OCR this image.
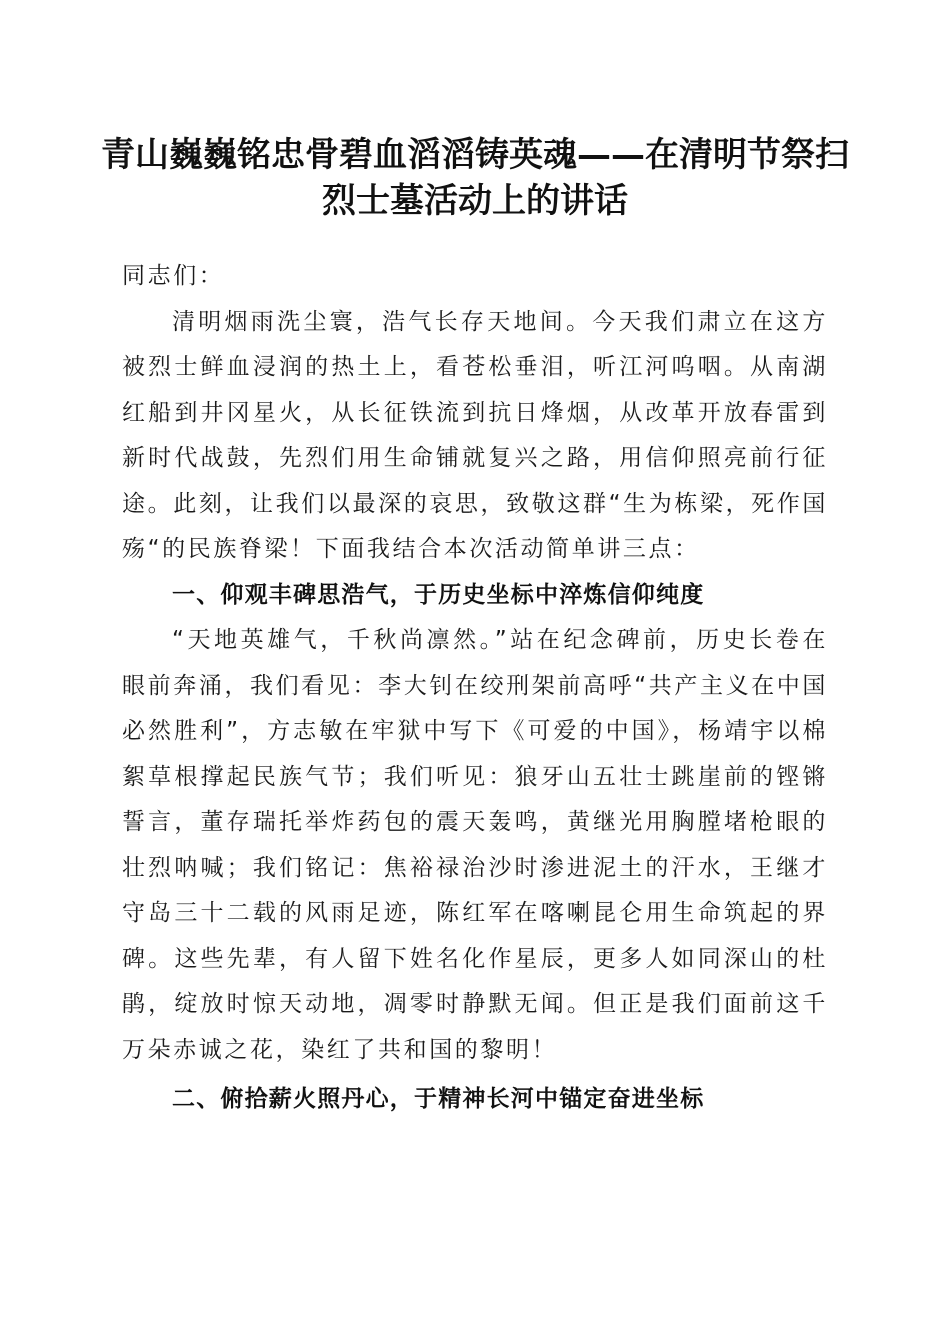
青山巍巍铭忠骨碧血滔滔铸英魂——在清明节祭扫烈士墓活动上的讲话

同志们：

清明烟雨洗尘寰，浩气长存天地间。今天我们肃立在这方被烈士鲜血浸润的热土上，看苍松垂泪，听江河呜咽。从南湖红船到井冈星火，从长征铁流到抗日烽烟，从改革开放春雷到新时代战鼓，先烈们用生命铺就复兴之路，用信仰照亮前行征途。此刻，让我们以最深的哀思，致敬这群“生为栋梁，死作国殇“的民族脊梁！下面我结合本次活动简单讲三点：

一、仰观丰碑思浩气，于历史坐标中淬炼信仰纯度

“天地英雄气，千秋尚凛然。”站在纪念碑前，历史长卷在眼前奔涌，我们看见：李大钊在绞刑架前高呼“共产主义在中国必然胜利”，方志敏在牢狱中写下《可爱的中国》，杨靖宇以棉絮草根撑起民族气节；我们听见：狼牙山五壮士跳崖前的铿锵誓言，董存瑞托举炸药包的震天轰鸣，黄继光用胸膛堵枪眼的壮烈呐喊；我们铭记：焦裕禄治沙时渗进泥土的汗水，王继才守岛三十二载的风雨足迹，陈红军在喀喇昆仑用生命筑起的界碑。这些先辈，有人留下姓名化作星辰，更多人如同深山的杜鹃，绽放时惊天动地，凋零时静默无闻。但正是我们面前这千万朵赤诚之花，染红了共和国的黎明！

二、俯拾薪火照丹心，于精神长河中锚定奋进坐标
